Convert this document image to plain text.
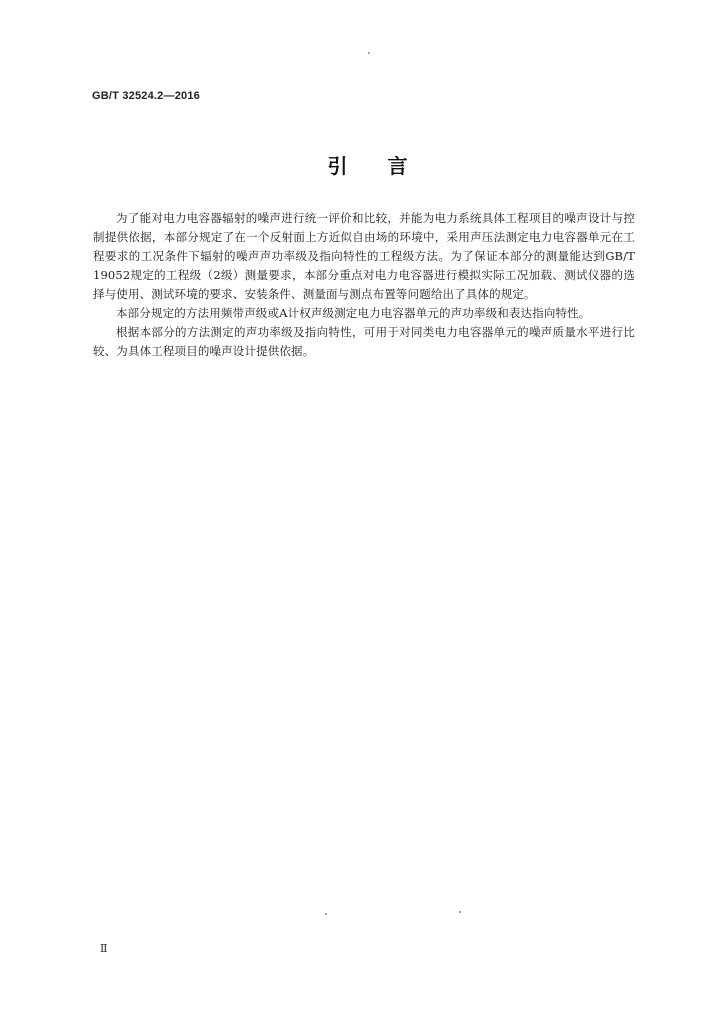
GB/T 32524.2—2016
引　　言

为了能对电力电容器辐射的噪声进行统一评价和比较，并能为电力系统具体工程项目的噪声设计与控制提供依据，本部分规定了在一个反射面上方近似自由场的环境中，采用声压法测定电力电容器单元在工程要求的工况条件下辐射的噪声声功率级及指向特性的工程级方法。为了保证本部分的测量能达到GB/T 19052规定的工程级（2级）测量要求，本部分重点对电力电容器进行模拟实际工况加载、测试仪器的选择与使用、测试环境的要求、安装条件、测量面与测点布置等问题给出了具体的规定。

本部分规定的方法用频带声级或A计权声级测定电力电容器单元的声功率级和表达指向特性。

根据本部分的方法测定的声功率级及指向特性，可用于对同类电力电容器单元的噪声质量水平进行比较、为具体工程项目的噪声设计提供依据。

Ⅱ
